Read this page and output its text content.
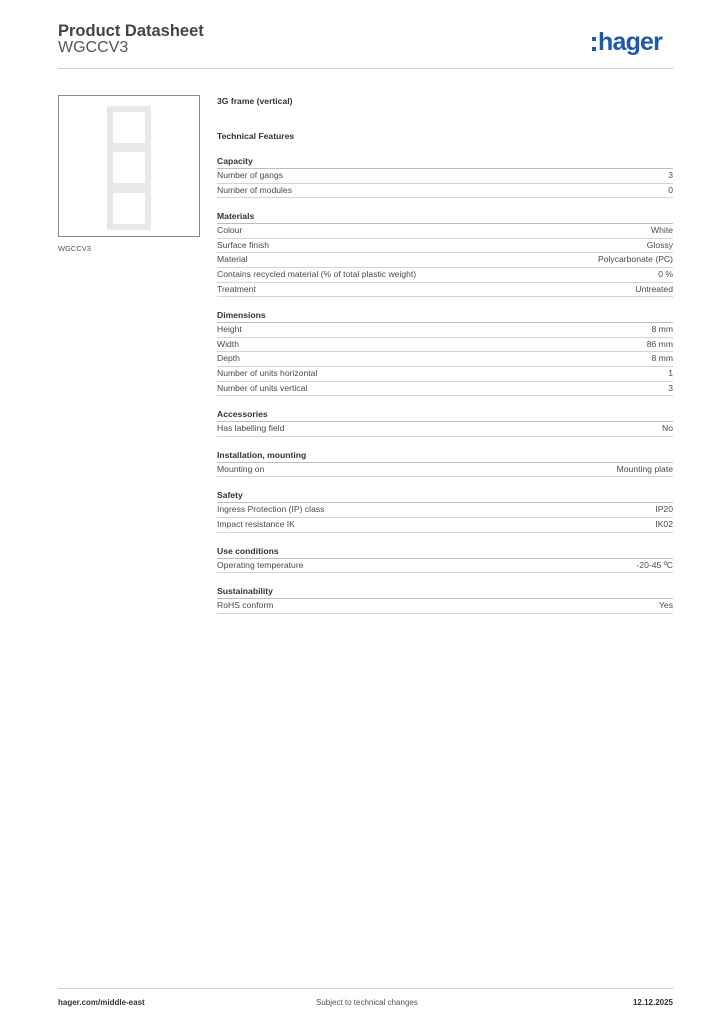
Product Datasheet
WGCCV3	hager
WGCCV3
3G frame (vertical)
Technical Features
Capacity
Number of gangs	3
Number of modules	0
Materials
Colour	White
Surface finish	Glossy
Material	Polycarbonate (PC)
Contains recycled material (% of total plastic weight)	0 %
Treatment	Untreated
Dimensions
Height	8 mm
Width	86 mm
Depth	8 mm
Number of units horizontal	1
Number of units vertical	3
Accessories
Has labelling field	No
Installation, mounting
Mounting on	Mounting plate
Safety
Ingress Protection (IP) class	IP20
Impact resistance IK	IK02
Use conditions
Operating temperature	-20-45 ºC
Sustainability
RoHS conform	Yes
hager.com/middle-east	Subject to technical changes	12.12.2025
